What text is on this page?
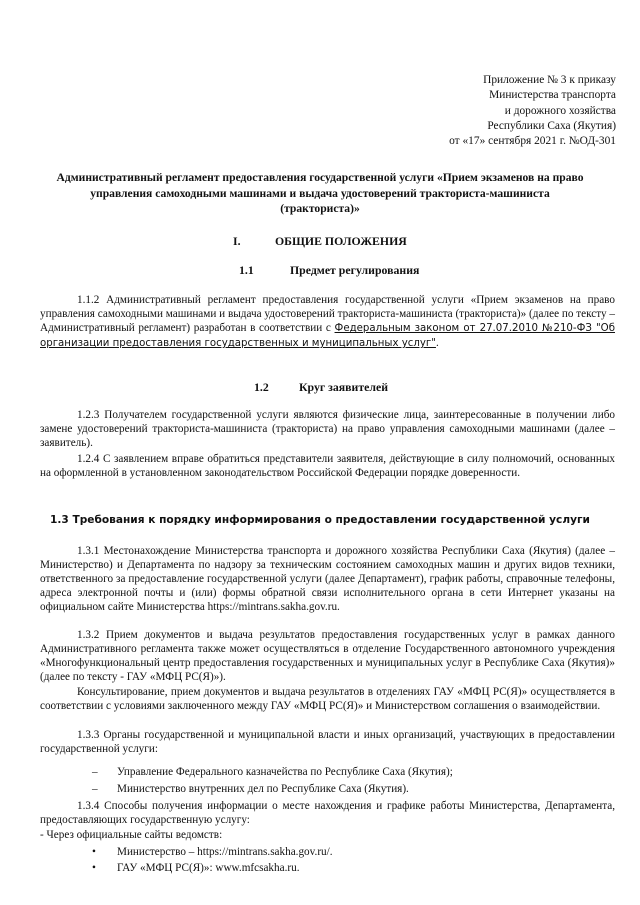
Приложение № 3 к приказу
Министерства транспорта
и дорожного хозяйства
Республики Саха (Якутия)
от «17» сентября 2021 г. №ОД-301
Административный регламент предоставления государственной услуги «Прием экзаменов на право управления самоходными машинами и выдача удостоверений тракториста-машиниста (тракториста)»
I.	ОБЩИЕ ПОЛОЖЕНИЯ
1.1	Предмет регулирования
1.1.2 Административный регламент предоставления государственной услуги «Прием экзаменов на право управления самоходными машинами и выдача удостоверений тракториста-машиниста (тракториста)» (далее по тексту – Административный регламент) разработан в соответствии с Федеральным законом от 27.07.2010 №210-ФЗ "Об организации предоставления государственных и муниципальных услуг".
1.2	Круг заявителей
1.2.3 Получателем государственной услуги являются физические лица, заинтересованные в получении либо замене удостоверений тракториста-машиниста (тракториста) на право управления самоходными машинами (далее – заявитель).
1.2.4 С заявлением вправе обратиться представители заявителя, действующие в силу полномочий, основанных на оформленной в установленном законодательством Российской Федерации порядке доверенности.
1.3 Требования к порядку информирования о предоставлении государственной услуги
1.3.1 Местонахождение Министерства транспорта и дорожного хозяйства Республики Саха (Якутия) (далее –Министерство) и Департамента по надзору за техническим состоянием самоходных машин и других видов техники, ответственного за предоставление государственной услуги (далее Департамент), график работы, справочные телефоны, адреса электронной почты и (или) формы обратной связи исполнительного органа в сети Интернет указаны на официальном сайте Министерства https://mintrans.sakha.gov.ru.
1.3.2 Прием документов и выдача результатов предоставления государственных услуг в рамках данного Административного регламента также может осуществляться в отделение Государственного автономного учреждения «Многофункциональный центр предоставления государственных и муниципальных услуг в Республике Саха (Якутия)» (далее по тексту - ГАУ «МФЦ РС(Я)»).
Консультирование, прием документов и выдача результатов в отделениях ГАУ «МФЦ РС(Я)» осуществляется в соответствии с условиями заключенного между ГАУ «МФЦ РС(Я)» и Министерством соглашения о взаимодействии.
1.3.3 Органы государственной и муниципальной власти и иных организаций, участвующих в предоставлении государственной услуги:
– Управление Федерального казначейства по Республике Саха (Якутия);
– Министерство внутренних дел по Республике Саха (Якутия).
1.3.4 Способы получения информации о месте нахождения и графике работы Министерства, Департамента, предоставляющих государственную услугу:
- Через официальные сайты ведомств:
• Министерство – https://mintrans.sakha.gov.ru/.
• ГАУ «МФЦ РС(Я)»: www.mfcsakha.ru.
